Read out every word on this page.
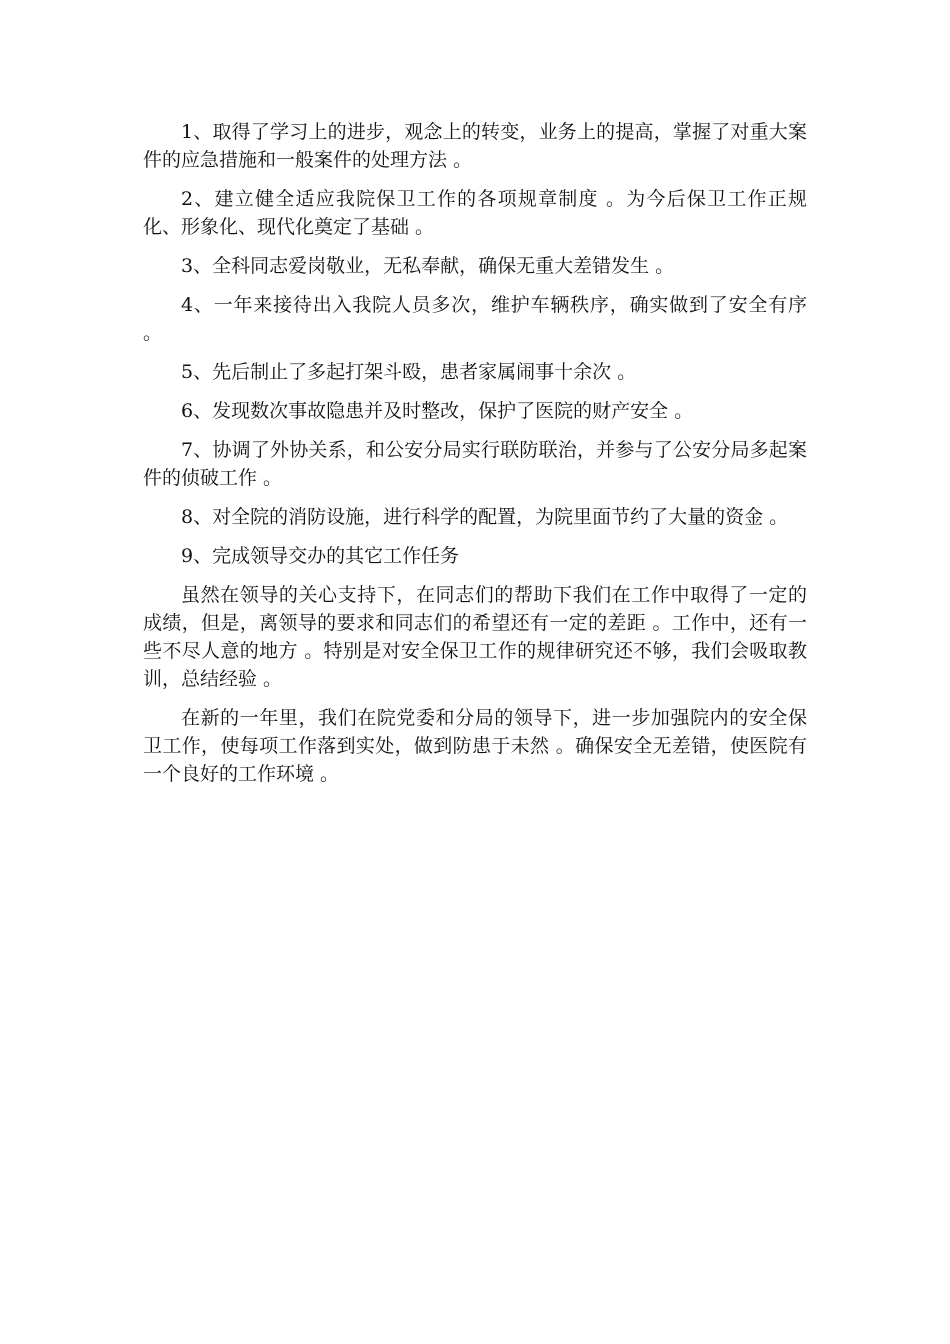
1、取得了学习上的进步，观念上的转变，业务上的提高，掌握了对重大案件的应急措施和一般案件的处理方法 。

2、建立健全适应我院保卫工作的各项规章制度 。为今后保卫工作正规化、形象化、现代化奠定了基础 。

3、全科同志爱岗敬业，无私奉献，确保无重大差错发生 。

4、一年来接待出入我院人员多次，维护车辆秩序，确实做到了安全有序 。

5、先后制止了多起打架斗殴，患者家属闹事十余次 。

6、发现数次事故隐患并及时整改，保护了医院的财产安全 。

7、协调了外协关系，和公安分局实行联防联治，并参与了公安分局多起案件的侦破工作 。

8、对全院的消防设施，进行科学的配置，为院里面节约了大量的资金 。

9、完成领导交办的其它工作任务

虽然在领导的关心支持下，在同志们的帮助下我们在工作中取得了一定的成绩，但是，离领导的要求和同志们的希望还有一定的差距 。工作中，还有一些不尽人意的地方 。特别是对安全保卫工作的规律研究还不够，我们会吸取教训，总结经验 。

在新的一年里，我们在院党委和分局的领导下，进一步加强院内的安全保卫工作，使每项工作落到实处，做到防患于未然 。确保安全无差错，使医院有一个良好的工作环境 。
